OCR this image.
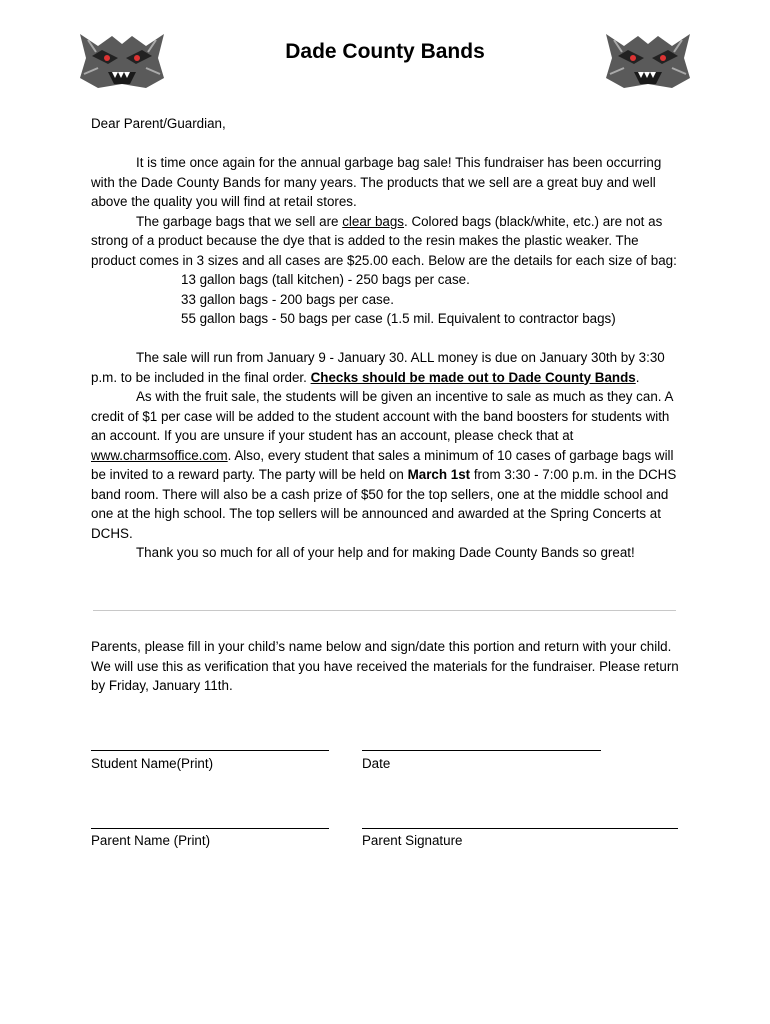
Dade County Bands

Dear Parent/Guardian,

It is time once again for the annual garbage bag sale! This fundraiser has been occurring with the Dade County Bands for many years. The products that we sell are a great buy and well above the quality you will find at retail stores.

The garbage bags that we sell are clear bags. Colored bags (black/white, etc.) are not as strong of a product because the dye that is added to the resin makes the plastic weaker. The product comes in 3 sizes and all cases are $25.00 each. Below are the details for each size of bag:

13 gallon bags (tall kitchen) - 250 bags per case.
33 gallon bags - 200 bags per case.
55 gallon bags - 50 bags per case (1.5 mil. Equivalent to contractor bags)

The sale will run from January 9 - January 30. ALL money is due on January 30th by 3:30 p.m. to be included in the final order. Checks should be made out to Dade County Bands.

As with the fruit sale, the students will be given an incentive to sale as much as they can. A credit of $1 per case will be added to the student account with the band boosters for students with an account. If you are unsure if your student has an account, please check that at www.charmsoffice.com. Also, every student that sales a minimum of 10 cases of garbage bags will be invited to a reward party. The party will be held on March 1st from 3:30 - 7:00 p.m. in the DCHS band room. There will also be a cash prize of $50 for the top sellers, one at the middle school and one at the high school. The top sellers will be announced and awarded at the Spring Concerts at DCHS.

Thank you so much for all of your help and for making Dade County Bands so great!

Parents, please fill in your child’s name below and sign/date this portion and return with your child. We will use this as verification that you have received the materials for the fundraiser. Please return by Friday, January 11th.

Student Name(Print)	Date
Parent Name (Print)	Parent Signature
